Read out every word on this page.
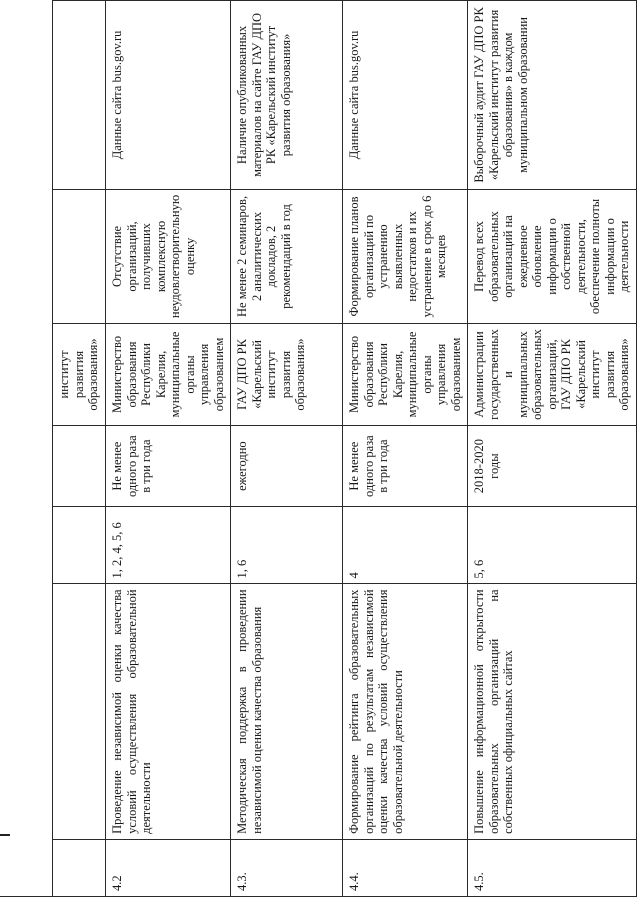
				институт развития образования»		
4.2	Проведение независимой оценки качества условий осуществления образовательной деятельности	1, 2, 4, 5, 6	Не менее одного раза в три года	Министерство образования Республики Карелия, муниципальные органы управления образованием	Отсутствие организаций, получивших комплексную неудовлетворительную оценку	Данные сайта bus.gov.ru
4.3.	Методическая поддержка в проведении независимой оценки качества образования	1, 6	ежегодно	ГАУ ДПО РК «Карельский институт развития образования»	Не менее 2 семинаров, 2 аналитических докладов, 2 рекомендаций в год	Наличие опубликованных материалов на сайте ГАУ ДПО РК «Карельский институт развития образования»
4.4.	Формирование рейтинга образовательных организаций по результатам независимой оценки качества условий осуществления образовательной деятельности	4	Не менее одного раза в три года	Министерство образования Республики Карелия, муниципальные органы управления образованием	Формирование планов организаций по устранению выявленных недостатков и их устранение в срок до 6 месяцев	Данные сайта bus.gov.ru
4.5.	Повышение информационной открытости образовательных организаций на собственных официальных сайтах	5, 6	2018-2020 годы	Администрации государственных и муниципальных образовательных организаций, ГАУ ДПО РК «Карельский институт развития образования»	Перевод всех образовательных организаций на ежедневное обновление информации о собственной деятельности, обеспечение полноты информации о деятельности	Выборочный аудит ГАУ ДПО РК «Карельский институт развития образования» в каждом муниципальном образовании
